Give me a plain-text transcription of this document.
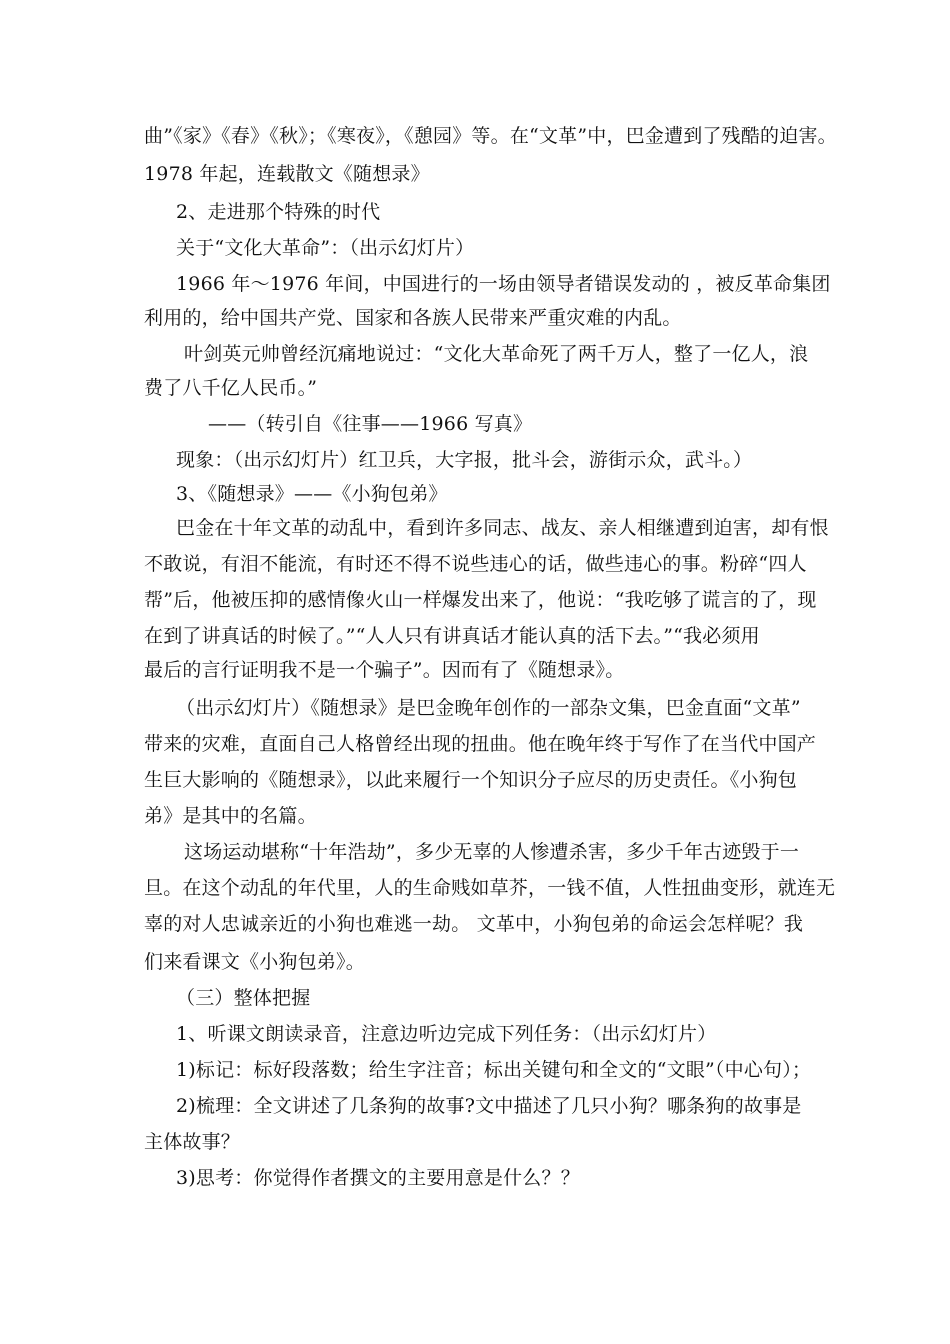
曲”《家》《春》《秋》；《寒夜》，《憩园》等。在“文革”中，巴金遭到了残酷的迫害。
1978 年起，连载散文《随想录》
2、走进那个特殊的时代
关于“文化大革命”：（出示幻灯片）
1966 年～1976 年间，中国进行的一场由领导者错误发动的 ，被反革命集团
利用的，给中国共产党、国家和各族人民带来严重灾难的内乱。
叶剑英元帅曾经沉痛地说过：“文化大革命死了两千万人，整了一亿人，浪
费了八千亿人民币。”
——（转引自《往事——1966 写真》
现象：（出示幻灯片）红卫兵，大字报，批斗会，游街示众，武斗。）
3、《随想录》——《小狗包弟》
巴金在十年文革的动乱中，看到许多同志、战友、亲人相继遭到迫害，却有恨
不敢说，有泪不能流，有时还不得不说些违心的话，做些违心的事。粉碎“四人
帮”后，他被压抑的感情像火山一样爆发出来了，他说：“我吃够了谎言的了，现
在到了讲真话的时候了。”“人人只有讲真话才能认真的活下去。”“我必须用
最后的言行证明我不是一个骗子”。因而有了《随想录》。
（出示幻灯片）《随想录》是巴金晚年创作的一部杂文集，巴金直面“文革”
带来的灾难，直面自己人格曾经出现的扭曲。他在晚年终于写作了在当代中国产
生巨大影响的《随想录》，以此来履行一个知识分子应尽的历史责任。《小狗包
弟》是其中的名篇。
这场运动堪称“十年浩劫”，多少无辜的人惨遭杀害，多少千年古迹毁于一
旦。在这个动乱的年代里，人的生命贱如草芥，一钱不值，人性扭曲变形，就连无
辜的对人忠诚亲近的小狗也难逃一劫。 文革中，小狗包弟的命运会怎样呢？我
们来看课文《小狗包弟》。
（三）整体把握
1、听课文朗读录音，注意边听边完成下列任务：（出示幻灯片）
1)标记：标好段落数；给生字注音；标出关键句和全文的“文眼”（中心句）；
2)梳理：全文讲述了几条狗的故事?文中描述了几只小狗？哪条狗的故事是
主体故事？
3)思考：你觉得作者撰文的主要用意是什么？？
